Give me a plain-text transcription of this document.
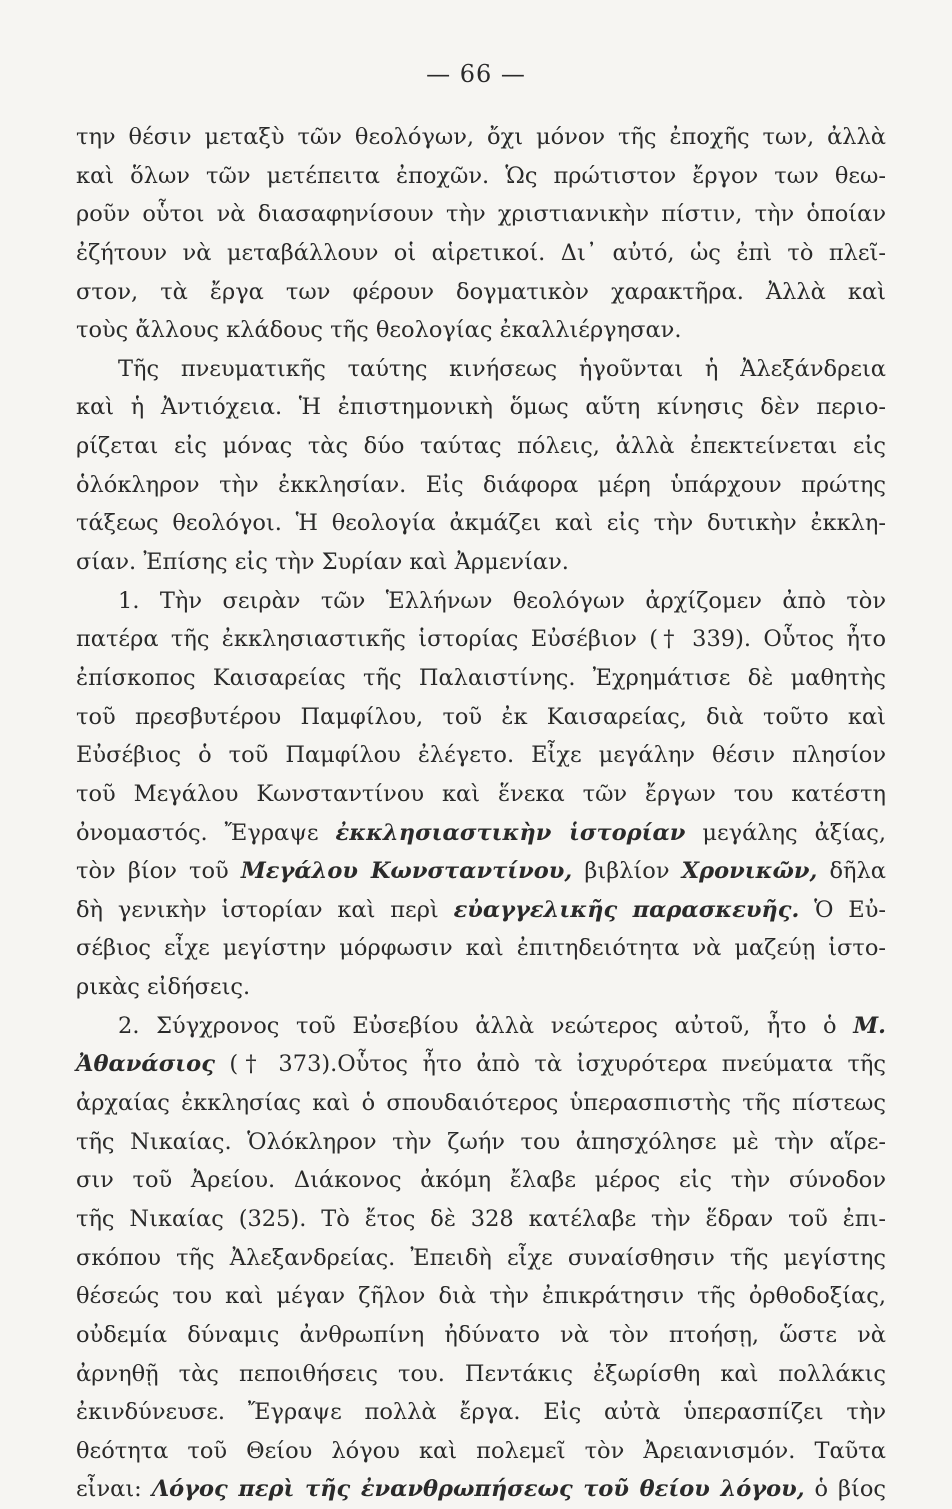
— 66 —
την θέσιν μεταξὺ τῶν θεολόγων, ὄχι μόνον τῆς ἐποχῆς των, ἀλλὰ
καὶ ὅλων τῶν μετέπειτα ἐποχῶν. Ὡς πρώτιστον ἔργον των θεω-
ροῦν οὗτοι νὰ διασαφηνίσουν τὴν χριστιανικὴν πίστιν, τὴν ὁποίαν
ἐζήτουν νὰ μεταβάλλουν οἱ αἱρετικοί. Δι᾽ αὐτό, ὡς ἐπὶ τὸ πλεῖ-
στον, τὰ ἔργα των φέρουν δογματικὸν χαρακτῆρα. Ἀλλὰ καὶ
τοὺς ἄλλους κλάδους τῆς θεολογίας ἐκαλλιέργησαν.
Τῆς πνευματικῆς ταύτης κινήσεως ἡγοῦνται ἡ Ἀλεξάνδρεια
καὶ ἡ Ἀντιόχεια. Ἡ ἐπιστημονικὴ ὅμως αὕτη κίνησις δὲν περιο-
ρίζεται εἰς μόνας τὰς δύο ταύτας πόλεις, ἀλλὰ ἐπεκτείνεται εἰς
ὁλόκληρον τὴν ἐκκλησίαν. Εἰς διάφορα μέρη ὑπάρχουν πρώτης
τάξεως θεολόγοι. Ἡ θεολογία ἀκμάζει καὶ εἰς τὴν δυτικὴν ἐκκλη-
σίαν. Ἐπίσης εἰς τὴν Συρίαν καὶ Ἀρμενίαν.
1. Τὴν σειρὰν τῶν Ἑλλήνων θεολόγων ἀρχίζομεν ἀπὸ τὸν
πατέρα τῆς ἐκκλησιαστικῆς ἱστορίας Εὐσέβιον († 339). Οὗτος ἦτο
ἐπίσκοπος Καισαρείας τῆς Παλαιστίνης. Ἐχρημάτισε δὲ μαθητὴς
τοῦ πρεσβυτέρου Παμφίλου, τοῦ ἐκ Καισαρείας, διὰ τοῦτο καὶ
Εὐσέβιος ὁ τοῦ Παμφίλου ἐλέγετο. Εἶχε μεγάλην θέσιν πλησίον
τοῦ Μεγάλου Κωνσταντίνου καὶ ἕνεκα τῶν ἔργων του κατέστη
ὀνομαστός. Ἔγραψε ἐκκλησιαστικὴν ἱστορίαν μεγάλης ἀξίας,
τὸν βίον τοῦ Μεγάλου Κωνσταντίνου, βιβλίον Χρονικῶν, δῆλα
δὴ γενικὴν ἱστορίαν καὶ περὶ εὐαγγελικῆς παρασκευῆς. Ὁ Εὐ-
σέβιος εἶχε μεγίστην μόρφωσιν καὶ ἐπιτηδειότητα νὰ μαζεύῃ ἱστο-
ρικὰς εἰδήσεις.
2. Σύγχρονος τοῦ Εὐσεβίου ἀλλὰ νεώτερος αὐτοῦ, ἦτο ὁ Μ.
Ἀθανάσιος († 373).Οὗτος ἦτο ἀπὸ τὰ ἰσχυρότερα πνεύματα τῆς
ἀρχαίας ἐκκλησίας καὶ ὁ σπουδαιότερος ὑπερασπιστὴς τῆς πίστεως
τῆς Νικαίας. Ὁλόκληρον τὴν ζωήν του ἀπησχόλησε μὲ τὴν αἵρε-
σιν τοῦ Ἀρείου. Διάκονος ἀκόμη ἔλαβε μέρος εἰς τὴν σύνοδον
τῆς Νικαίας (325). Τὸ ἔτος δὲ 328 κατέλαβε τὴν ἕδραν τοῦ ἐπι-
σκόπου τῆς Ἀλεξανδρείας. Ἐπειδὴ εἶχε συναίσθησιν τῆς μεγίστης
θέσεώς του καὶ μέγαν ζῆλον διὰ τὴν ἐπικράτησιν τῆς ὀρθοδοξίας,
οὐδεμία δύναμις ἀνθρωπίνη ἠδύνατο νὰ τὸν πτοήσῃ, ὥστε νὰ
ἀρνηθῇ τὰς πεποιθήσεις του. Πεντάκις ἐξωρίσθη καὶ πολλάκις
ἐκινδύνευσε. Ἔγραψε πολλὰ ἔργα. Εἰς αὐτὰ ὑπερασπίζει τὴν
θεότητα τοῦ Θείου λόγου καὶ πολεμεῖ τὸν Ἀρειανισμόν. Ταῦτα
εἶναι: Λόγος περὶ τῆς ἐνανθρωπήσεως τοῦ θείου λόγου, ὁ βίος
